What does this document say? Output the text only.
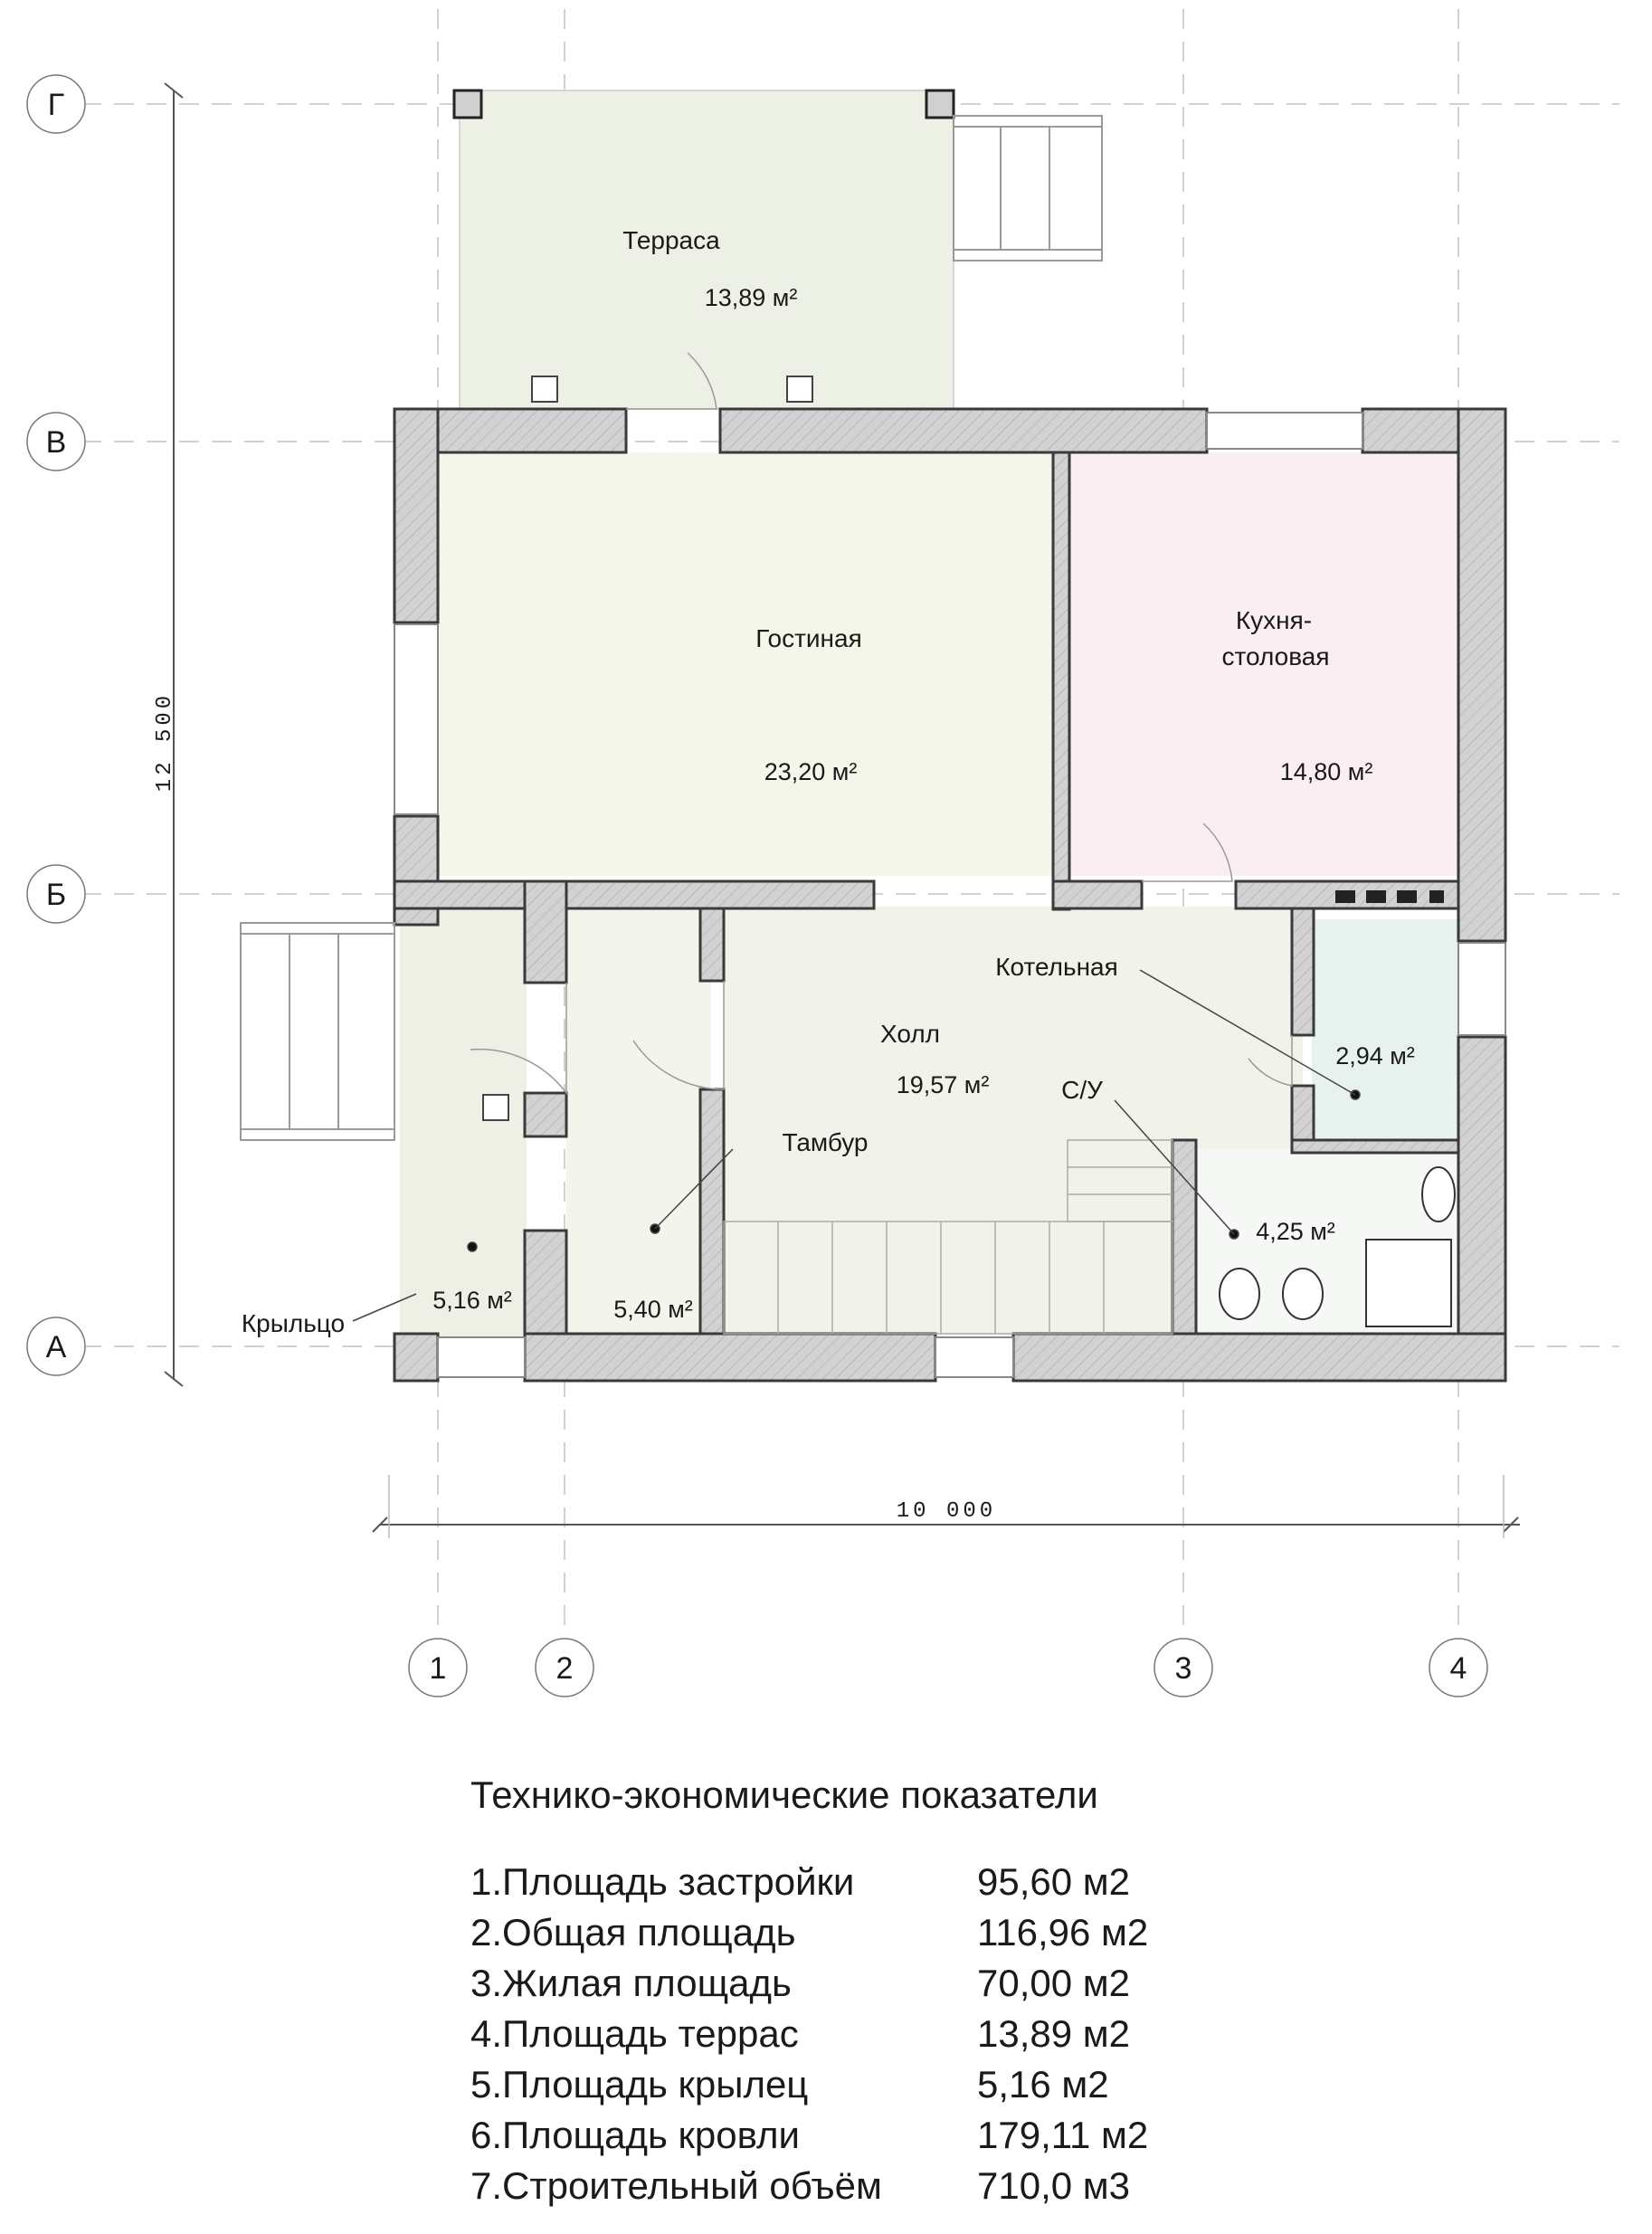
Г
В
Б
А
1	2	3	4
12 500
10 000
Терраса
13,89 м²
Гостиная
23,20 м²
Кухня-
столовая
14,80 м²
Котельная
2,94 м²
Холл
19,57 м²	С/У
4,25 м²
Тамбур
5,40 м²
Крыльцо
5,16 м²
Технико-экономические показатели
1.Площадь застройки	95,60 м2
2.Общая площадь	116,96 м2
3.Жилая площадь	70,00 м2
4.Площадь террас	13,89 м2
5.Площадь крылец	5,16 м2
6.Площадь кровли	179,11 м2
7.Строительный объём	710,0 м3
